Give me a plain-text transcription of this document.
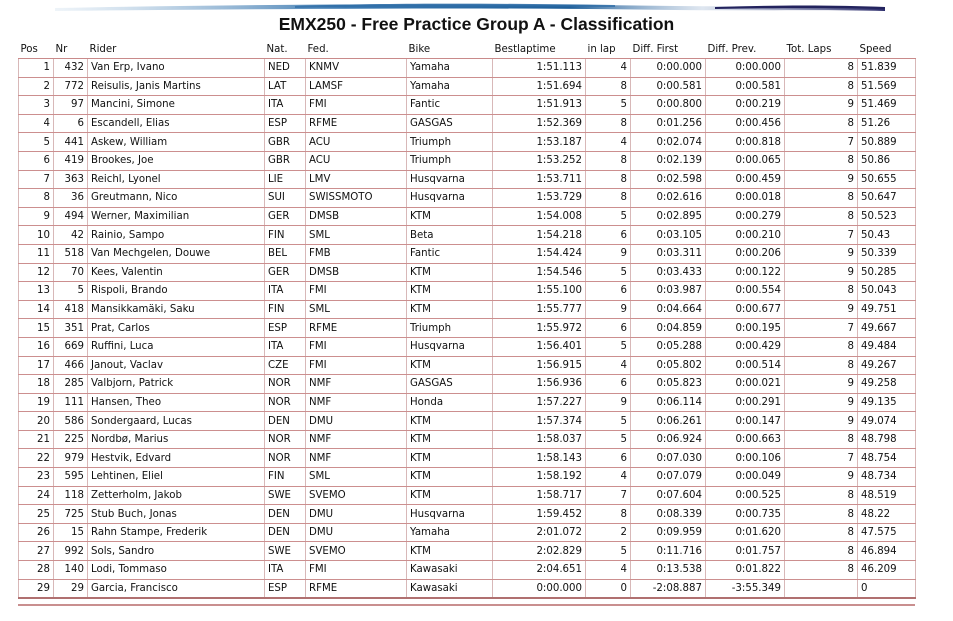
EMX250 - Free Practice Group A - Classification
Pos	Nr	Rider	Nat.	Fed.	Bike	Bestlaptime	in lap	Diff. First	Diff. Prev.	Tot. Laps	Speed
1	432	Van Erp, Ivano	NED	KNMV	Yamaha	1:51.113	4	0:00.000	0:00.000	8	51.839
2	772	Reisulis, Janis Martins	LAT	LAMSF	Yamaha	1:51.694	8	0:00.581	0:00.581	8	51.569
3	97	Mancini, Simone	ITA	FMI	Fantic	1:51.913	5	0:00.800	0:00.219	9	51.469
4	6	Escandell, Elias	ESP	RFME	GASGAS	1:52.369	8	0:01.256	0:00.456	8	51.26
5	441	Askew, William	GBR	ACU	Triumph	1:53.187	4	0:02.074	0:00.818	7	50.889
6	419	Brookes, Joe	GBR	ACU	Triumph	1:53.252	8	0:02.139	0:00.065	8	50.86
7	363	Reichl, Lyonel	LIE	LMV	Husqvarna	1:53.711	8	0:02.598	0:00.459	9	50.655
8	36	Greutmann, Nico	SUI	SWISSMOTO	Husqvarna	1:53.729	8	0:02.616	0:00.018	8	50.647
9	494	Werner, Maximilian	GER	DMSB	KTM	1:54.008	5	0:02.895	0:00.279	8	50.523
10	42	Rainio, Sampo	FIN	SML	Beta	1:54.218	6	0:03.105	0:00.210	7	50.43
11	518	Van Mechgelen, Douwe	BEL	FMB	Fantic	1:54.424	9	0:03.311	0:00.206	9	50.339
12	70	Kees, Valentin	GER	DMSB	KTM	1:54.546	5	0:03.433	0:00.122	9	50.285
13	5	Rispoli, Brando	ITA	FMI	KTM	1:55.100	6	0:03.987	0:00.554	8	50.043
14	418	Mansikkamäki, Saku	FIN	SML	KTM	1:55.777	9	0:04.664	0:00.677	9	49.751
15	351	Prat, Carlos	ESP	RFME	Triumph	1:55.972	6	0:04.859	0:00.195	7	49.667
16	669	Ruffini, Luca	ITA	FMI	Husqvarna	1:56.401	5	0:05.288	0:00.429	8	49.484
17	466	Janout, Vaclav	CZE	FMI	KTM	1:56.915	4	0:05.802	0:00.514	8	49.267
18	285	Valbjorn, Patrick	NOR	NMF	GASGAS	1:56.936	6	0:05.823	0:00.021	9	49.258
19	111	Hansen, Theo	NOR	NMF	Honda	1:57.227	9	0:06.114	0:00.291	9	49.135
20	586	Sondergaard, Lucas	DEN	DMU	KTM	1:57.374	5	0:06.261	0:00.147	9	49.074
21	225	Nordbø, Marius	NOR	NMF	KTM	1:58.037	5	0:06.924	0:00.663	8	48.798
22	979	Hestvik, Edvard	NOR	NMF	KTM	1:58.143	6	0:07.030	0:00.106	7	48.754
23	595	Lehtinen, Eliel	FIN	SML	KTM	1:58.192	4	0:07.079	0:00.049	9	48.734
24	118	Zetterholm, Jakob	SWE	SVEMO	KTM	1:58.717	7	0:07.604	0:00.525	8	48.519
25	725	Stub Buch, Jonas	DEN	DMU	Husqvarna	1:59.452	8	0:08.339	0:00.735	8	48.22
26	15	Rahn Stampe, Frederik	DEN	DMU	Yamaha	2:01.072	2	0:09.959	0:01.620	8	47.575
27	992	Sols, Sandro	SWE	SVEMO	KTM	2:02.829	5	0:11.716	0:01.757	8	46.894
28	140	Lodi, Tommaso	ITA	FMI	Kawasaki	2:04.651	4	0:13.538	0:01.822	8	46.209
29	29	Garcia, Francisco	ESP	RFME	Kawasaki	0:00.000	0	-2:08.887	-3:55.349		0
